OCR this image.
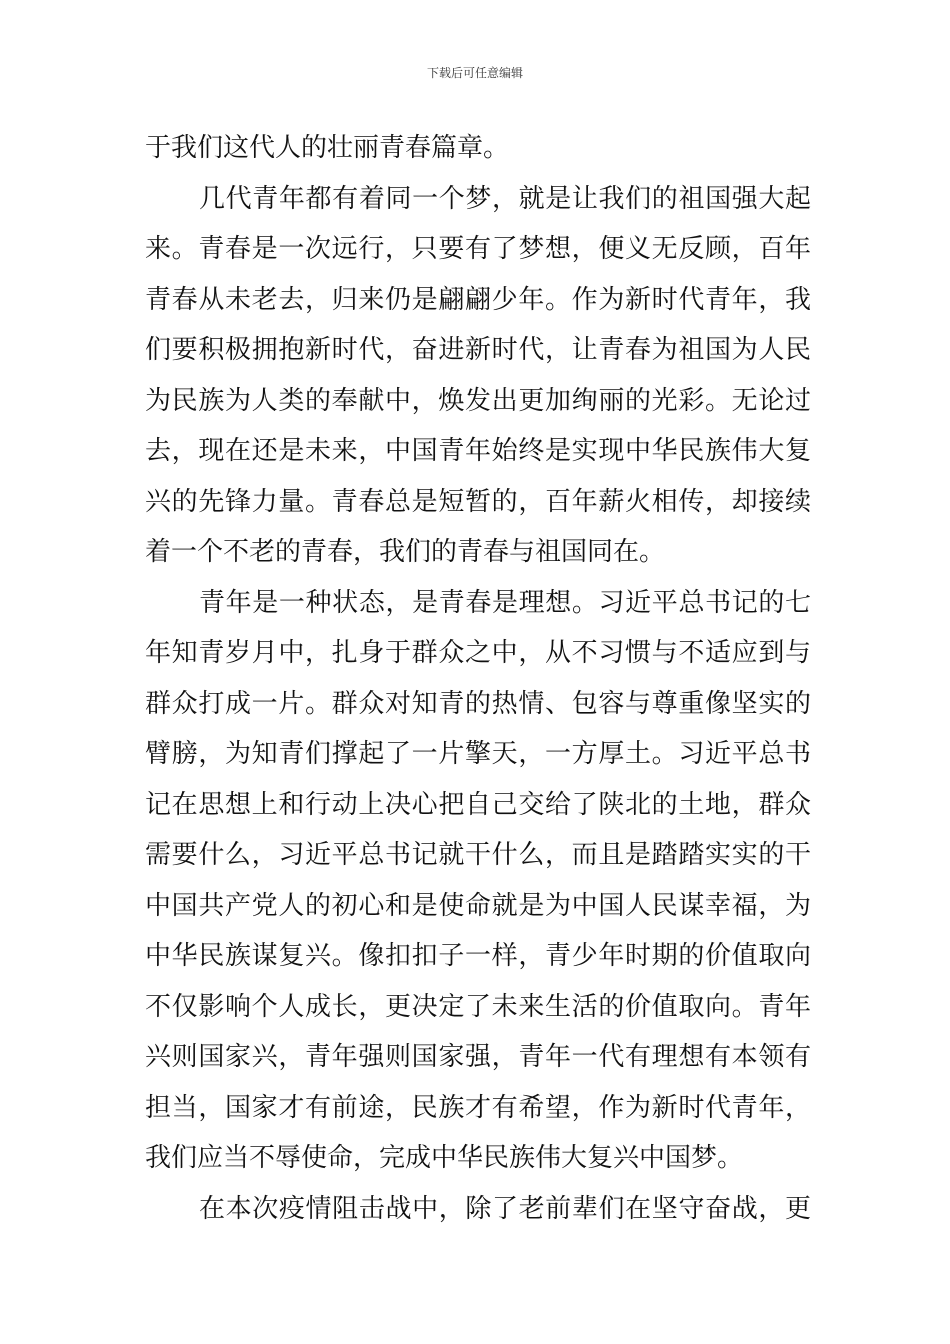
下载后可任意编辑
于我们这代人的壮丽青春篇章。
几代青年都有着同一个梦，就是让我们的祖国强大起
来。青春是一次远行，只要有了梦想，便义无反顾，百年
青春从未老去，归来仍是翩翩少年。作为新时代青年，我
们要积极拥抱新时代，奋进新时代，让青春为祖国为人民
为民族为人类的奉献中，焕发出更加绚丽的光彩。无论过
去，现在还是未来，中国青年始终是实现中华民族伟大复
兴的先锋力量。青春总是短暂的，百年薪火相传，却接续
着一个不老的青春，我们的青春与祖国同在。
青年是一种状态，是青春是理想。习近平总书记的七
年知青岁月中，扎身于群众之中，从不习惯与不适应到与
群众打成一片。群众对知青的热情、包容与尊重像坚实的
臂膀，为知青们撑起了一片擎天，一方厚土。习近平总书
记在思想上和行动上决心把自己交给了陕北的土地，群众
需要什么，习近平总书记就干什么，而且是踏踏实实的干
中国共产党人的初心和是使命就是为中国人民谋幸福，为
中华民族谋复兴。像扣扣子一样，青少年时期的价值取向
不仅影响个人成长，更决定了未来生活的价值取向。青年
兴则国家兴，青年强则国家强，青年一代有理想有本领有
担当，国家才有前途，民族才有希望，作为新时代青年，
我们应当不辱使命，完成中华民族伟大复兴中国梦。
在本次疫情阻击战中，除了老前辈们在坚守奋战，更
